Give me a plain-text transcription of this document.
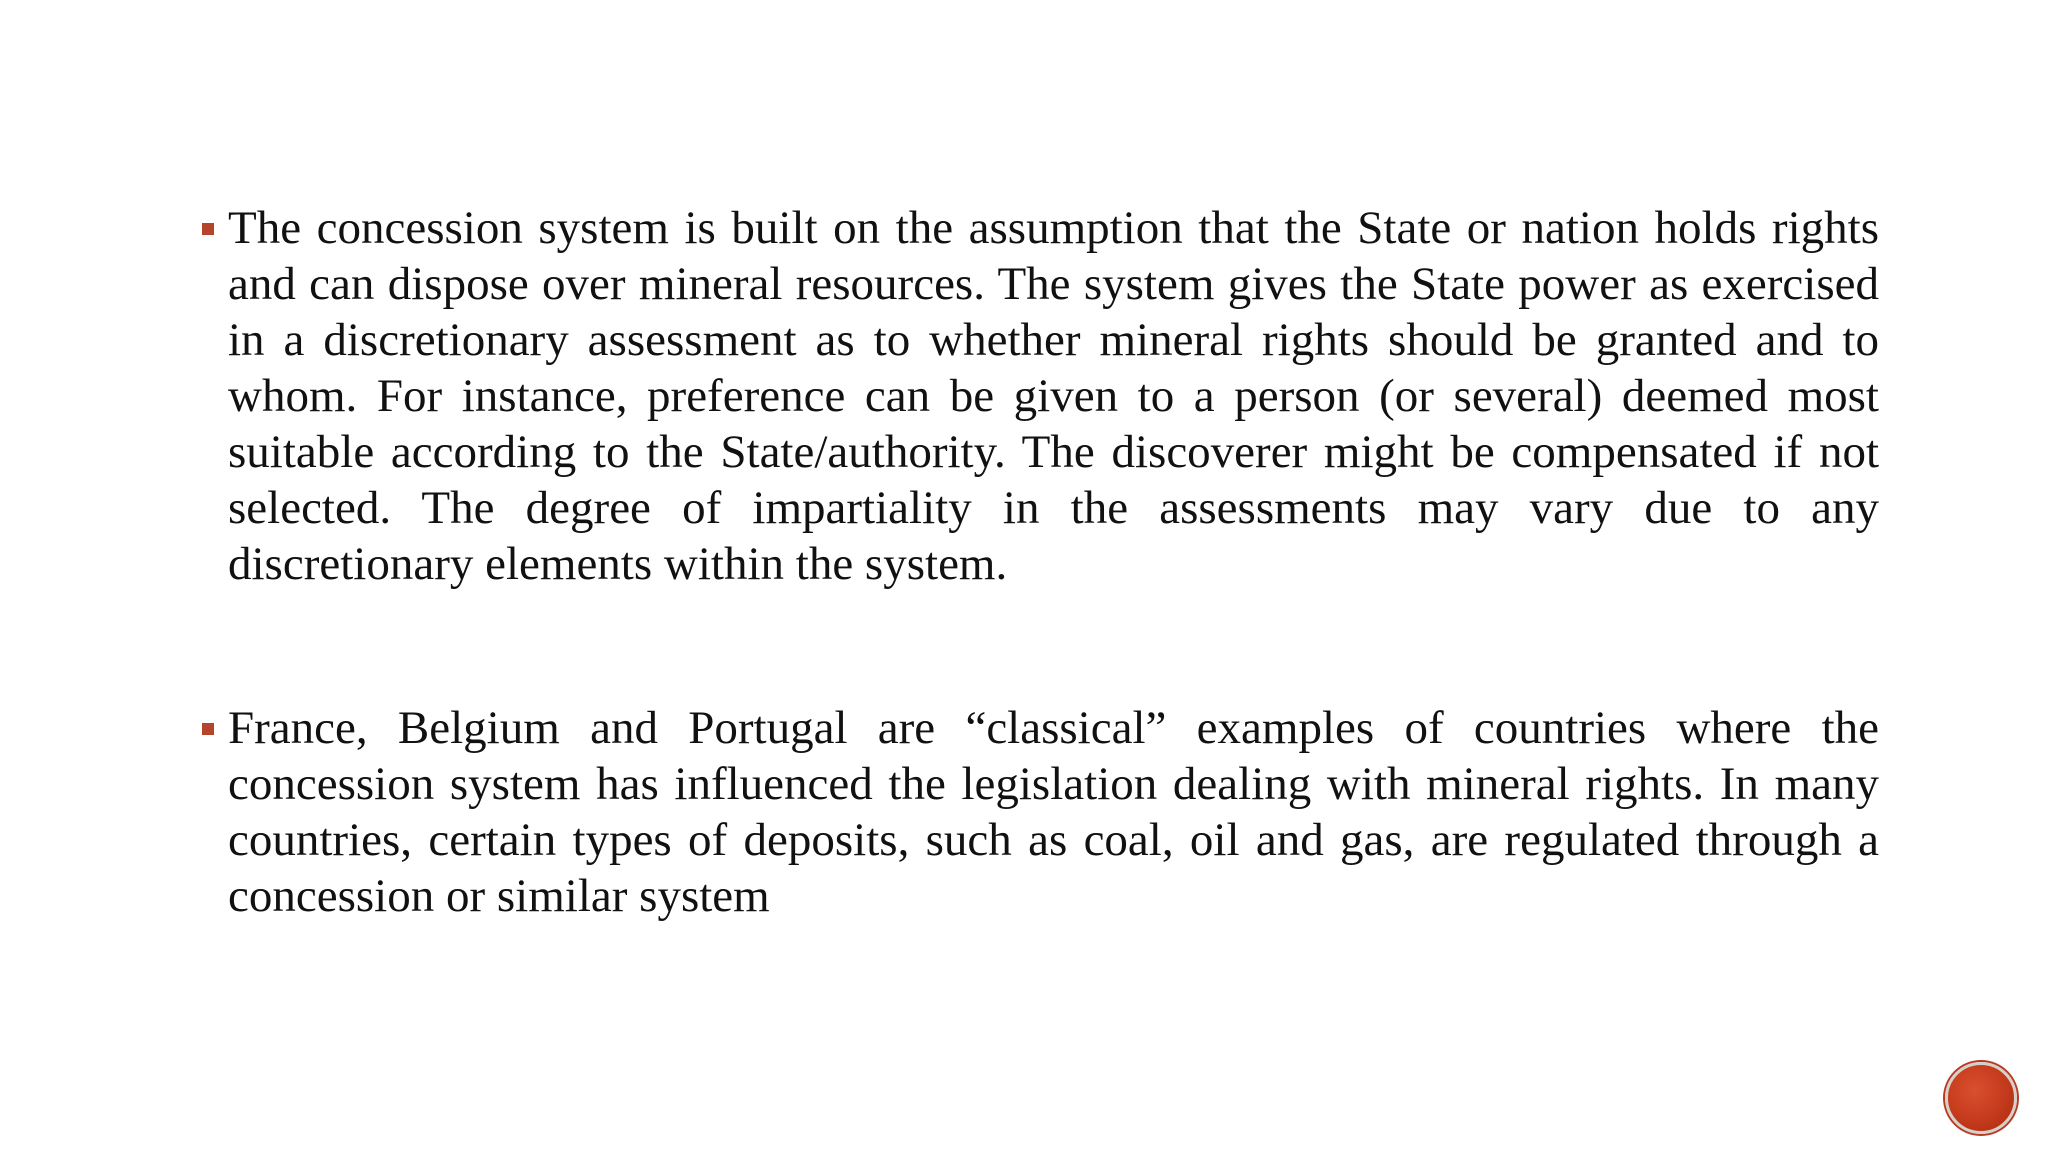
The concession system is built on the assumption that the State or nation holds rights and can dispose over mineral resources. The system gives the State power as exercised in a discretionary assessment as to whether mineral rights should be granted and to whom. For instance, preference can be given to a person (or several) deemed most suitable according to the State/authority. The discoverer might be compensated if not selected. The degree of impartiality in the assessments may vary due to any discretionary elements within the system.
France, Belgium and Portugal are “classical” examples of countries where the concession system has influenced the legislation dealing with mineral rights. In many countries, certain types of deposits, such as coal, oil and gas, are regulated through a concession or similar system
